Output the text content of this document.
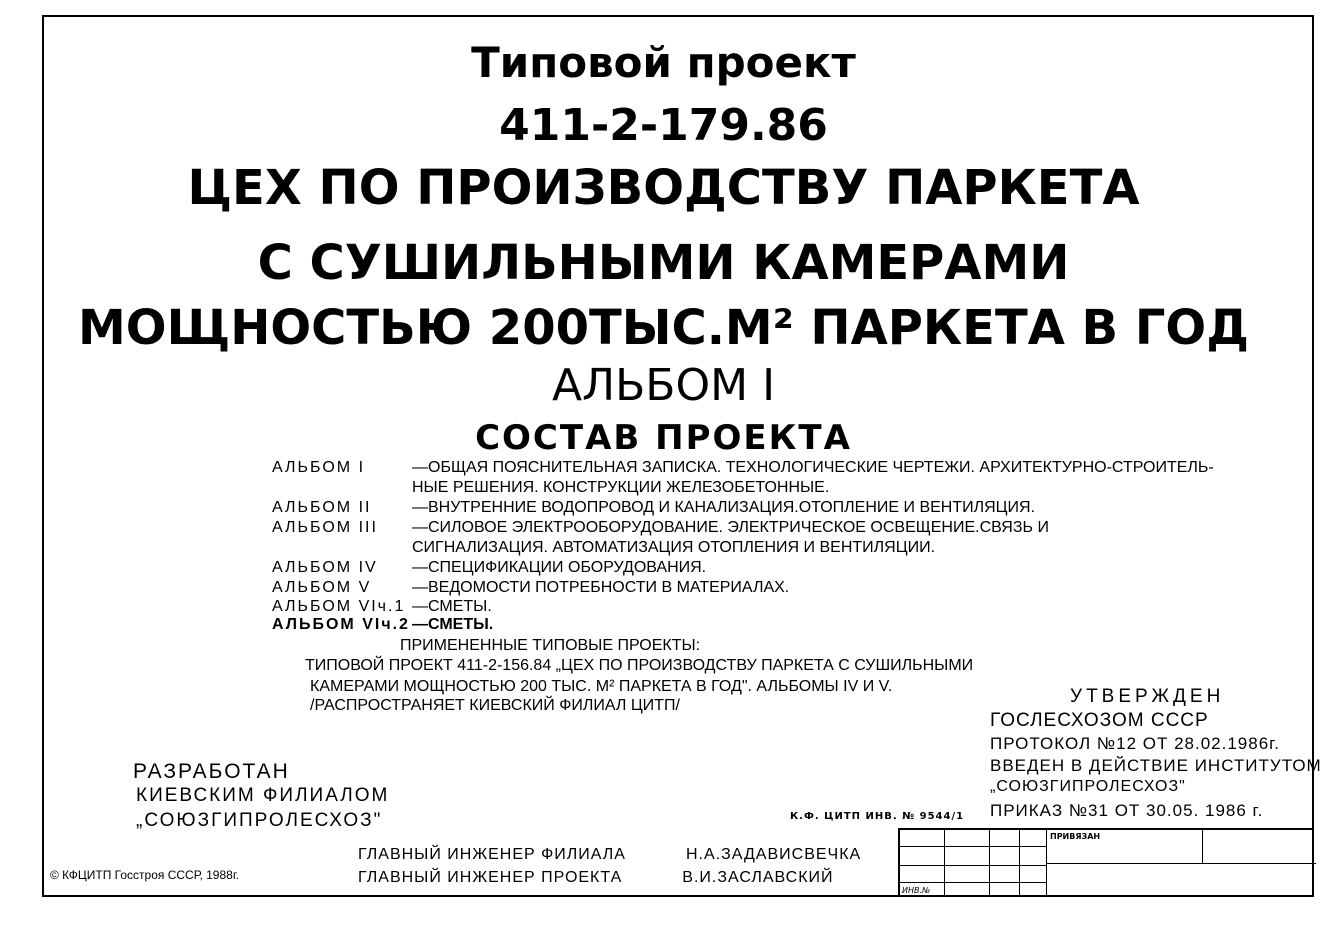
Типовой проект
411-2-179.86
ЦЕХ ПО ПРОИЗВОДСТВУ ПАРКЕТА
С СУШИЛЬНЫМИ КАМЕРАМИ
МОЩНОСТЬЮ 200ТЫС.М² ПАРКЕТА В ГОД
АЛЬБОМ I
СОСТАВ ПРОЕКТА
АЛЬБОМ I	—ОБЩАЯ ПОЯСНИТЕЛЬНАЯ ЗАПИСКА. ТЕХНОЛОГИЧЕСКИЕ ЧЕРТЕЖИ. АРХИТЕКТУРНО-СТРОИТЕЛЬ-
НЫЕ РЕШЕНИЯ. КОНСТРУКЦИИ ЖЕЛЕЗОБЕТОННЫЕ.
АЛЬБОМ II	—ВНУТРЕННИЕ ВОДОПРОВОД И КАНАЛИЗАЦИЯ.ОТОПЛЕНИЕ И ВЕНТИЛЯЦИЯ.
АЛЬБОМ III —СИЛОВОЕ ЭЛЕКТРООБОРУДОВАНИЕ. ЭЛЕКТРИЧЕСКОЕ ОСВЕЩЕНИЕ.СВЯЗЬ И
СИГНАЛИЗАЦИЯ. АВТОМАТИЗАЦИЯ ОТОПЛЕНИЯ И ВЕНТИЛЯЦИИ.
АЛЬБОМ IV —СПЕЦИФИКАЦИИ ОБОРУДОВАНИЯ.
АЛЬБОМ V	—ВЕДОМОСТИ ПОТРЕБНОСТИ В МАТЕРИАЛАХ.
АЛЬБОМ VIч.1 —СМЕТЫ.
АЛЬБОМ VIч.2 —СМЕТЫ.
ПРИМЕНЕННЫЕ ТИПОВЫЕ ПРОЕКТЫ:
ТИПОВОЙ ПРОЕКТ 411-2-156.84 „ЦЕХ ПО ПРОИЗВОДСТВУ ПАРКЕТА С СУШИЛЬНЫМИ
КАМЕРАМИ МОЩНОСТЬЮ 200 ТЫС. М² ПАРКЕТА В ГОД". АЛЬБОМЫ IV И V.
/РАСПРОСТРАНЯЕТ КИЕВСКИЙ ФИЛИАЛ ЦИТП/	УТВЕРЖДЕН
ГОСЛЕСХОЗОМ СССР
ПРОТОКОЛ №12 ОТ 28.02.1986г.
ВВЕДЕН В ДЕЙСТВИЕ ИНСТИТУТОМ
„СОЮЗГИПРОЛЕСХОЗ"
ПРИКАЗ №31 ОТ 30.05. 1986 г.
РАЗРАБОТАН
КИЕВСКИМ ФИЛИАЛОМ
„СОЮЗГИПРОЛЕСХОЗ"	К.Ф. ЦИТП ИНВ. № 9544/1
ГЛАВНЫЙ ИНЖЕНЕР ФИЛИАЛА	Н.А.ЗАДАВИСВЕЧКА
ГЛАВНЫЙ ИНЖЕНЕР ПРОЕКТА	В.И.ЗАСЛАВСКИЙ
© КФЦИТП Госстроя СССР, 1988г.
ПРИВЯЗАН
ИНВ.№
